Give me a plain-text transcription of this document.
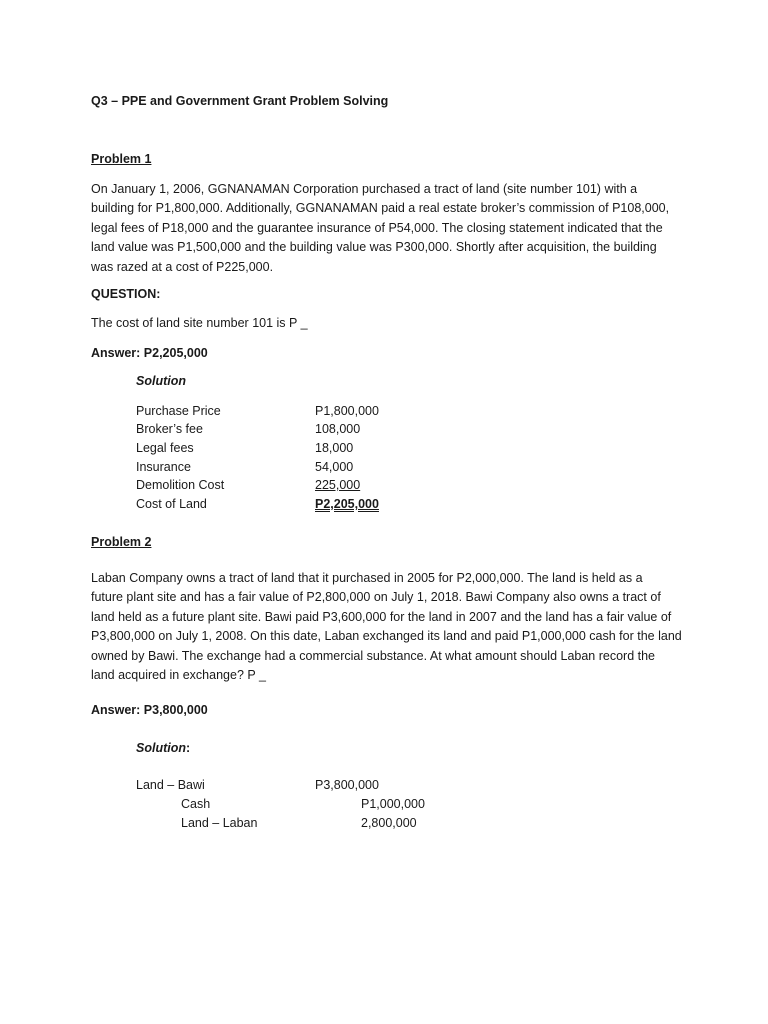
Q3 – PPE and Government Grant Problem Solving
Problem 1
On January 1, 2006, GGNANAMAN Corporation purchased a tract of land (site number 101) with a
building for P1,800,000. Additionally, GGNANAMAN paid a real estate broker’s commission of P108,000,
legal fees of P18,000 and the guarantee insurance of P54,000. The closing statement indicated that the
land value was P1,500,000 and the building value was P300,000. Shortly after acquisition, the building
was razed at a cost of P225,000.
QUESTION:
The cost of land site number 101 is P _
Answer: P2,205,000
Solution
Purchase Price	P1,800,000
Broker’s fee	108,000
Legal fees	18,000
Insurance	54,000
Demolition Cost	225,000
Cost of Land	P2,205,000
Problem 2
Laban Company owns a tract of land that it purchased in 2005 for P2,000,000. The land is held as a
future plant site and has a fair value of P2,800,000 on July 1, 2018. Bawi Company also owns a tract of
land held as a future plant site. Bawi paid P3,600,000 for the land in 2007 and the land has a fair value of
P3,800,000 on July 1, 2008. On this date, Laban exchanged its land and paid P1,000,000 cash for the land
owned by Bawi. The exchange had a commercial substance. At what amount should Laban record the
land acquired in exchange? P _
Answer: P3,800,000
Solution:
Land – Bawi	P3,800,000
Cash	P1,000,000
Land – Laban	2,800,000
